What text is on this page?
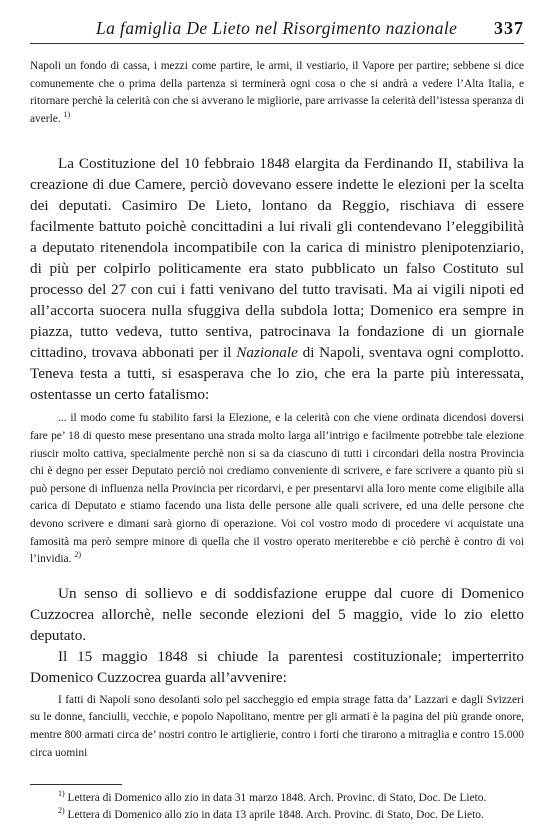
La famiglia De Lieto nel Risorgimento nazionale 337

Napoli un fondo di cassa, i mezzi come partire, le armi, il vestiario, il Vapore per partire; sebbene si dice comunemente che o prima della partenza si terminerà ogni cosa o che si andrà a vedere l’Alta Italia, e ritornare perchè la celerità con che si avverano le migliorie, pare arrivasse la celerità dell’istessa speranza di averle. $^{1)}$

La Costituzione del 10 febbraio 1848 elargita da Ferdinando II, stabiliva la creazione di due Camere, perciò dovevano essere indette le elezioni per la scelta dei deputati. Casimiro De Lieto, lontano da Reggio, rischiava di essere facilmente battuto poichè concittadini a lui rivali gli contendevano l’eleggibilità a deputato ritenendola incompatibile con la carica di ministro plenipotenziario, di più per colpirlo politicamente era stato pubblicato un falso Costituto sul processo del 27 con cui i fatti venivano del tutto travisati. Ma ai vigili nipoti ed all’accorta suocera nulla sfuggiva della subdola lotta; Domenico era sempre in piazza, tutto vedeva, tutto sentiva, patrocinava la fondazione di un giornale cittadino, trovava abbonati per il Nazionale di Napoli, sventava ogni complotto. Teneva testa a tutti, si esasperava che lo zio, che era la parte più interessata, ostentasse un certo fatalismo:

... il modo come fu stabilito farsi la Elezione, e la celerità con che viene ordinata dicendosi doversi fare pe’ 18 di questo mese presentano una strada molto larga all’intrigo e facilmente potrebbe tale elezione riuscir molto cattiva, specialmente perchè non si sa da ciascuno di tutti i circondari della nostra Provincia chi è degno per esser Deputato perciò noi crediamo conveniente di scrivere, e fare scrivere a quanto più si può persone di influenza nella Provincia per ricordarvi, e per presentarvi alla loro mente come eligibile alla carica di Deputato e stiamo facendo una lista delle persone alle quali scrivere, ed una delle persone che devono scrivere e dimani sarà giorno di operazione. Voi col vostro modo di procedere vi acquistate una famosità ma però sempre minore di quella che il vostro operato meriterebbe e ciò perchè è contro di voi l’invidia. $^{2)}$

Un senso di sollievo e di soddisfazione eruppe dal cuore di Domenico Cuzzocrea allorchè, nelle seconde elezioni del 5 maggio, vide lo zio eletto deputato.

Il 15 maggio 1848 si chiude la parentesi costituzionale; imperterrito Domenico Cuzzocrea guarda all’avvenire:

I fatti di Napoli sono desolanti solo pel saccheggio ed empia strage fatta da’ Lazzari e dagli Svizzeri su le donne, fanciulli, vecchie, e popolo Napolitano, mentre per gli armati è la pagina del più grande onore, mentre 800 armati circa de’ nostri contro le artiglierie, contro i forti che tirarono a mitraglia e contro 15.000 circa uomini

$^{1)}$ Lettera di Domenico allo zio in data 31 marzo 1848. Arch. Provinc. di Stato, Doc. De Lieto.

$^{2)}$ Lettera di Domenico allo zio in data 13 aprile 1848. Arch. Provinc. di Stato, Doc. De Lieto.
